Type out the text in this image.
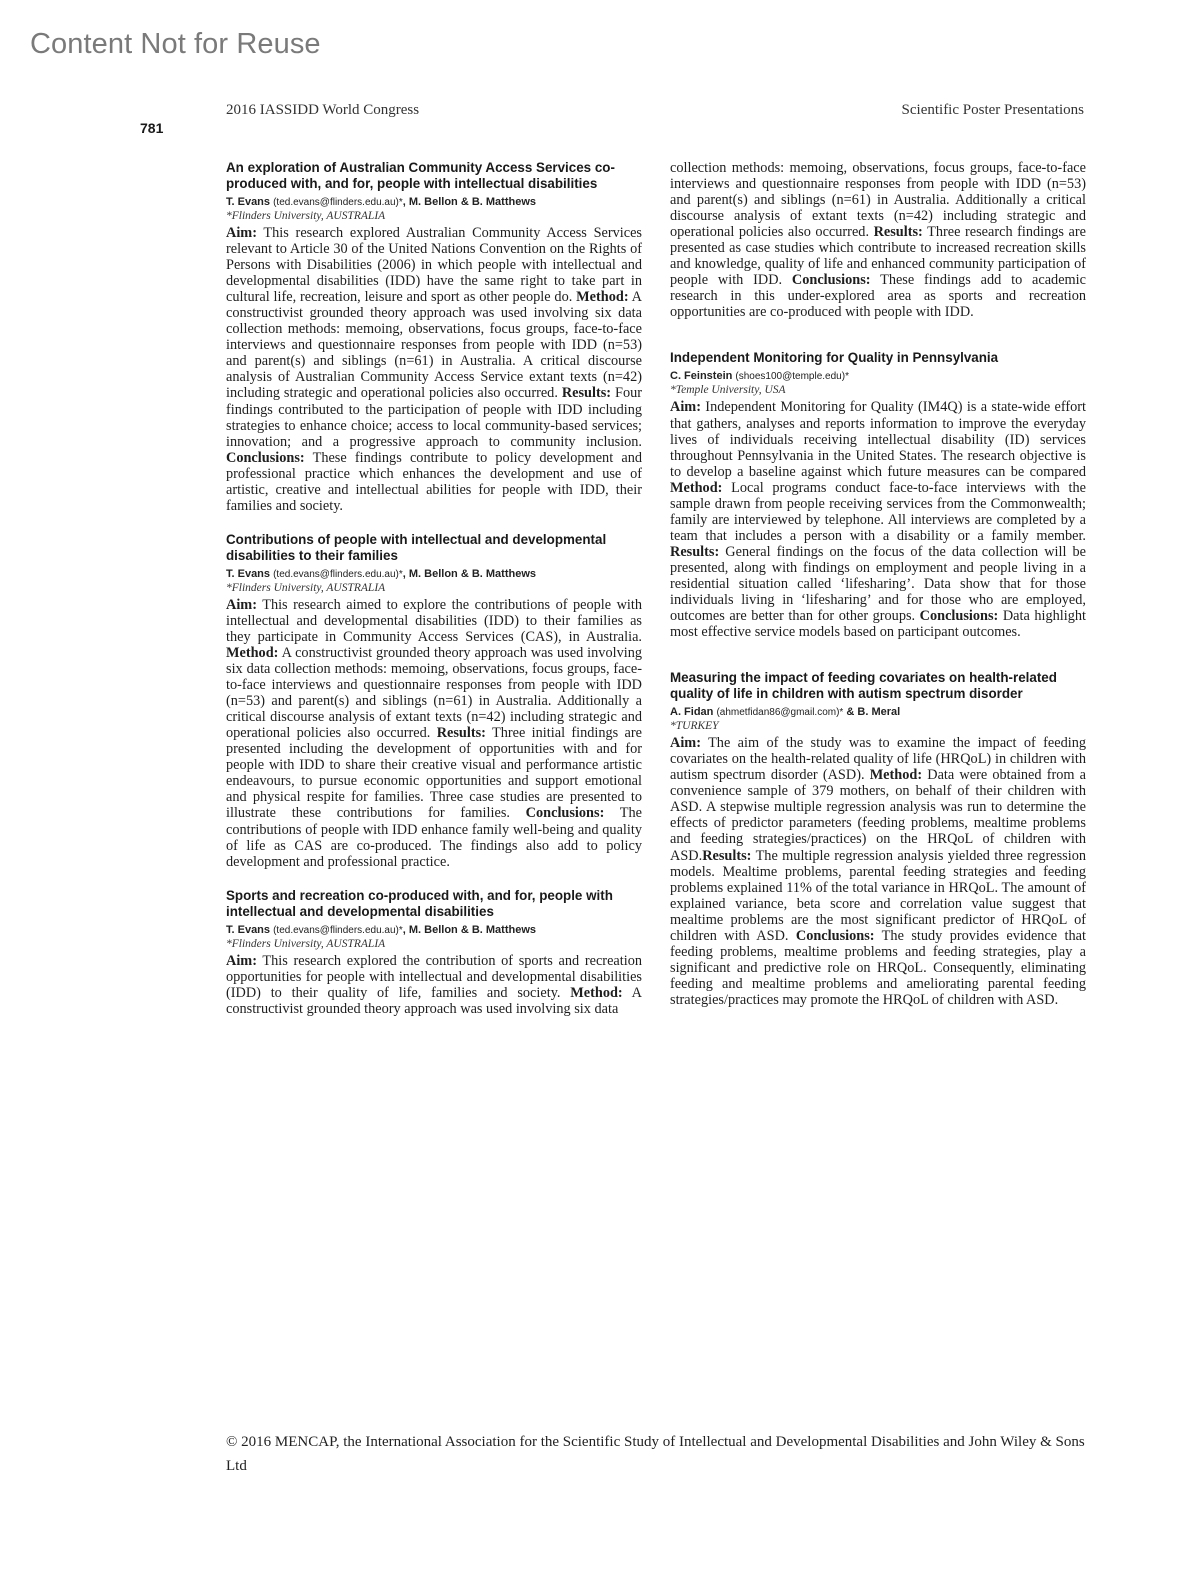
Content Not for Reuse
781
2016 IASSIDD World Congress	Scientific Poster Presentations

An exploration of Australian Community Access Services co-produced with, and for, people with intellectual disabilities

T. Evans (ted.evans@flinders.edu.au)*, M. Bellon & B. Matthews

*Flinders University, AUSTRALIA

Aim: This research explored Australian Community Access Services relevant to Article 30 of the United Nations Convention on the Rights of Persons with Disabilities (2006) in which people with intellectual and developmental disabilities (IDD) have the same right to take part in cultural life, recreation, leisure and sport as other people do. Method: A constructivist grounded theory approach was used involving six data collection methods: memoing, observations, focus groups, face-to-face interviews and questionnaire responses from people with IDD (n=53) and parent(s) and siblings (n=61) in Australia. A critical discourse analysis of Australian Community Access Service extant texts (n=42) including strategic and operational policies also occurred. Results: Four findings contributed to the participation of people with IDD including strategies to enhance choice; access to local community-based services; innovation; and a progressive approach to community inclusion. Conclusions: These findings contribute to policy development and professional practice which enhances the development and use of artistic, creative and intellectual abilities for people with IDD, their families and society.

Contributions of people with intellectual and developmental disabilities to their families

T. Evans (ted.evans@flinders.edu.au)*, M. Bellon & B. Matthews

*Flinders University, AUSTRALIA

Aim: This research aimed to explore the contributions of people with intellectual and developmental disabilities (IDD) to their families as they participate in Community Access Services (CAS), in Australia. Method: A constructivist grounded theory approach was used involving six data collection methods: memoing, observations, focus groups, face-to-face interviews and questionnaire responses from people with IDD (n=53) and parent(s) and siblings (n=61) in Australia. Additionally a critical discourse analysis of extant texts (n=42) including strategic and operational policies also occurred. Results: Three initial findings are presented including the development of opportunities with and for people with IDD to share their creative visual and performance artistic endeavours, to pursue economic opportunities and support emotional and physical respite for families. Three case studies are presented to illustrate these contributions for families. Conclusions: The contributions of people with IDD enhance family well-being and quality of life as CAS are co-produced. The findings also add to policy development and professional practice.

Sports and recreation co-produced with, and for, people with intellectual and developmental disabilities

T. Evans (ted.evans@flinders.edu.au)*, M. Bellon & B. Matthews

*Flinders University, AUSTRALIA

Aim: This research explored the contribution of sports and recreation opportunities for people with intellectual and developmental disabilities (IDD) to their quality of life, families and society. Method: A constructivist grounded theory approach was used involving six data

collection methods: memoing, observations, focus groups, face-to-face interviews and questionnaire responses from people with IDD (n=53) and parent(s) and siblings (n=61) in Australia. Additionally a critical discourse analysis of extant texts (n=42) including strategic and operational policies also occurred. Results: Three research findings are presented as case studies which contribute to increased recreation skills and knowledge, quality of life and enhanced community participation of people with IDD. Conclusions: These findings add to academic research in this under-explored area as sports and recreation opportunities are co-produced with people with IDD.

Independent Monitoring for Quality in Pennsylvania

C. Feinstein (shoes100@temple.edu)*

*Temple University, USA

Aim: Independent Monitoring for Quality (IM4Q) is a state-wide effort that gathers, analyses and reports information to improve the everyday lives of individuals receiving intellectual disability (ID) services throughout Pennsylvania in the United States. The research objective is to develop a baseline against which future measures can be compared Method: Local programs conduct face-to-face interviews with the sample drawn from people receiving services from the Commonwealth; family are interviewed by telephone. All interviews are completed by a team that includes a person with a disability or a family member. Results: General findings on the focus of the data collection will be presented, along with findings on employment and people living in a residential situation called ‘lifesharing’. Data show that for those individuals living in ‘lifesharing’ and for those who are employed, outcomes are better than for other groups. Conclusions: Data highlight most effective service models based on participant outcomes.

Measuring the impact of feeding covariates on health-related quality of life in children with autism spectrum disorder

A. Fidan (ahmetfidan86@gmail.com)* & B. Meral

*TURKEY

Aim: The aim of the study was to examine the impact of feeding covariates on the health-related quality of life (HRQoL) in children with autism spectrum disorder (ASD). Method: Data were obtained from a convenience sample of 379 mothers, on behalf of their children with ASD. A stepwise multiple regression analysis was run to determine the effects of predictor parameters (feeding problems, mealtime problems and feeding strategies/practices) on the HRQoL of children with ASD.Results: The multiple regression analysis yielded three regression models. Mealtime problems, parental feeding strategies and feeding problems explained 11% of the total variance in HRQoL. The amount of explained variance, beta score and correlation value suggest that mealtime problems are the most significant predictor of HRQoL of children with ASD. Conclusions: The study provides evidence that feeding problems, mealtime problems and feeding strategies, play a significant and predictive role on HRQoL. Consequently, eliminating feeding and mealtime problems and ameliorating parental feeding strategies/practices may promote the HRQoL of children with ASD.

© 2016 MENCAP, the International Association for the Scientific Study of Intellectual and Developmental Disabilities and John Wiley & Sons Ltd
